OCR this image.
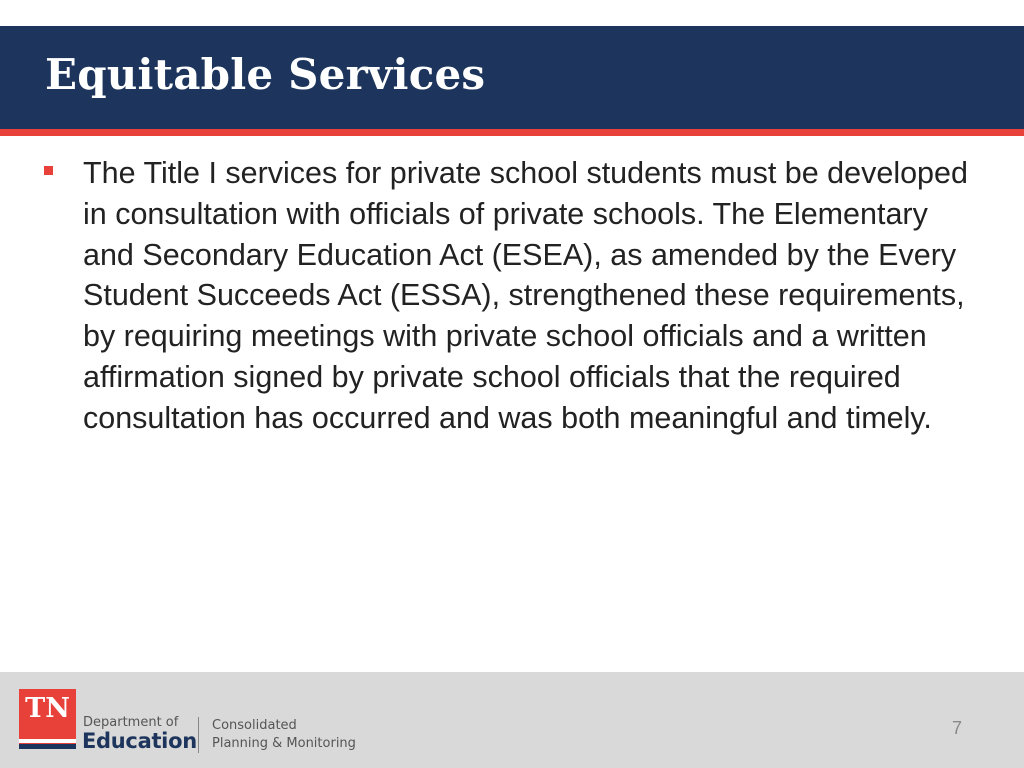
Equitable Services
The Title I services for private school students must be developed in consultation with officials of private schools. The Elementary and Secondary Education Act (ESEA), as amended by the Every Student Succeeds Act (ESSA), strengthened these requirements, by requiring meetings with private school officials and a written affirmation signed by private school officials that the required consultation has occurred and was both meaningful and timely.
TN	Department of
Education
Consolidated
Planning & Monitoring
7
